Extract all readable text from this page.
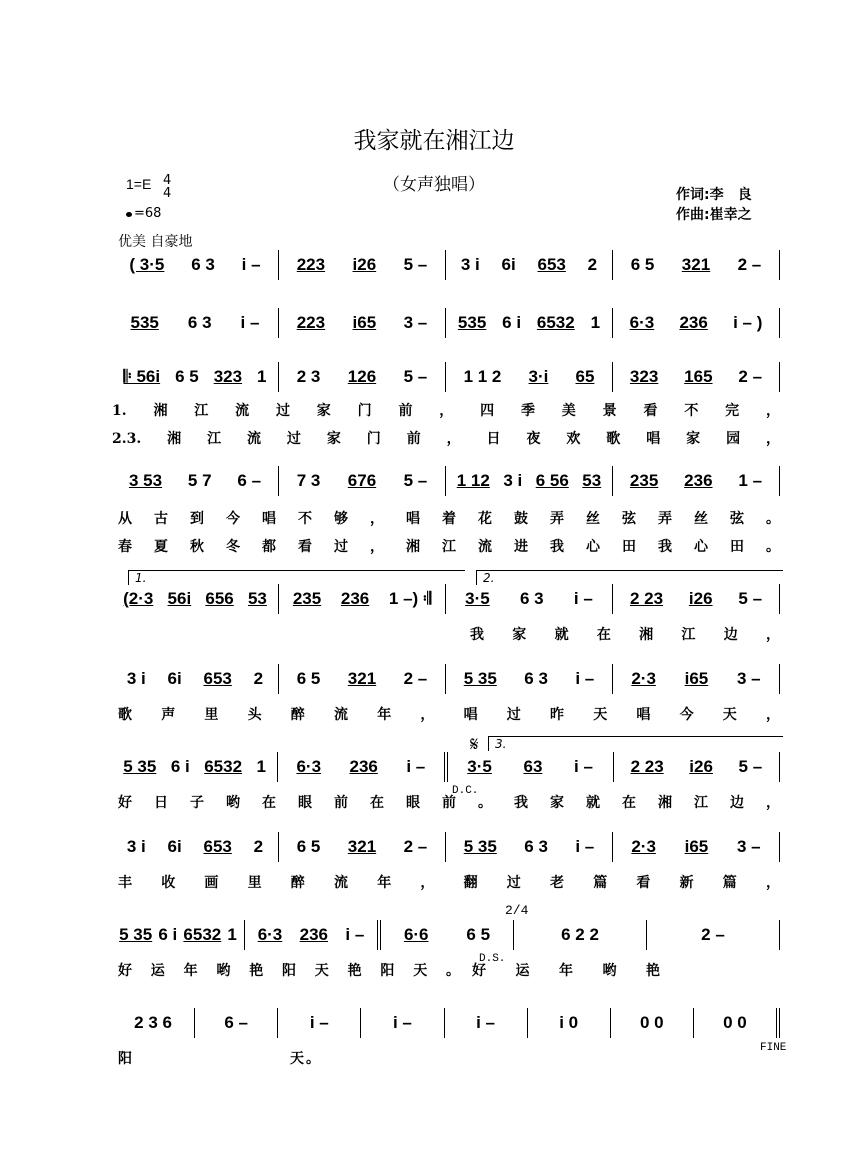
我家就在湘江边
（女声独唱）
1=E 4
4
=68
作词:李　良
作曲:崔幸之
优美 自豪地
( 3·5 6 3 i – 223 i26 5 – 3 i 6i 653 2 6 5 321 2 –
535 6 3 i – 223 i65 3 – 535 6 i 6532 1 6·3 236 i – )
𝄆 56i 6 5 323 1 2 3 126 5 – 1 1 2 3·i 65 323 165 2 –
1.湘江流过家门前，四季美景看不完，
2.3.湘江流过家门前，日夜欢歌唱家园，
3 53 5 7 6 – 7 3 676 5 – 1 12 3 i 6 56 53 235 236 1 –
从古到今唱不够，唱着花鼓弄丝弦弄丝弦。
春夏秋冬都看过，湘江流进我心田我心田。
(2·3 56i 656 53 235 236 1 –) 𝄇 3·5 6 3 i – 2 23 i26 5 –
我家就在湘江边，
3 i 6i 653 2 6 5 321 2 – 5 35 6 3 i – 2·3 i65 3 –
歌声里头醉流年，唱过昨天唱今天，
5 35 6 i 6532 1 6·3 236 i – 3·5 63 i – 2 23 i26 5 –
好日子哟在眼前在眼前。我家就在湘江边，
3 i 6i 653 2 6 5 321 2 – 5 35 6 3 i – 2·3 i65 3 –
丰收画里醉流年，翻过老篇看新篇，
5 35 6 i 6532 1 6·3 236 i – 6·6 6 5	6 2 2	2 –
好运年哟艳阳天艳阳天。 好运年哟艳
2 3 6	6 –	i –	i –	i –	i 0	0 0	0 0
阳	天。
1.	2.
3.
D.C.
D.S.
𝄋
2/4
FINE
